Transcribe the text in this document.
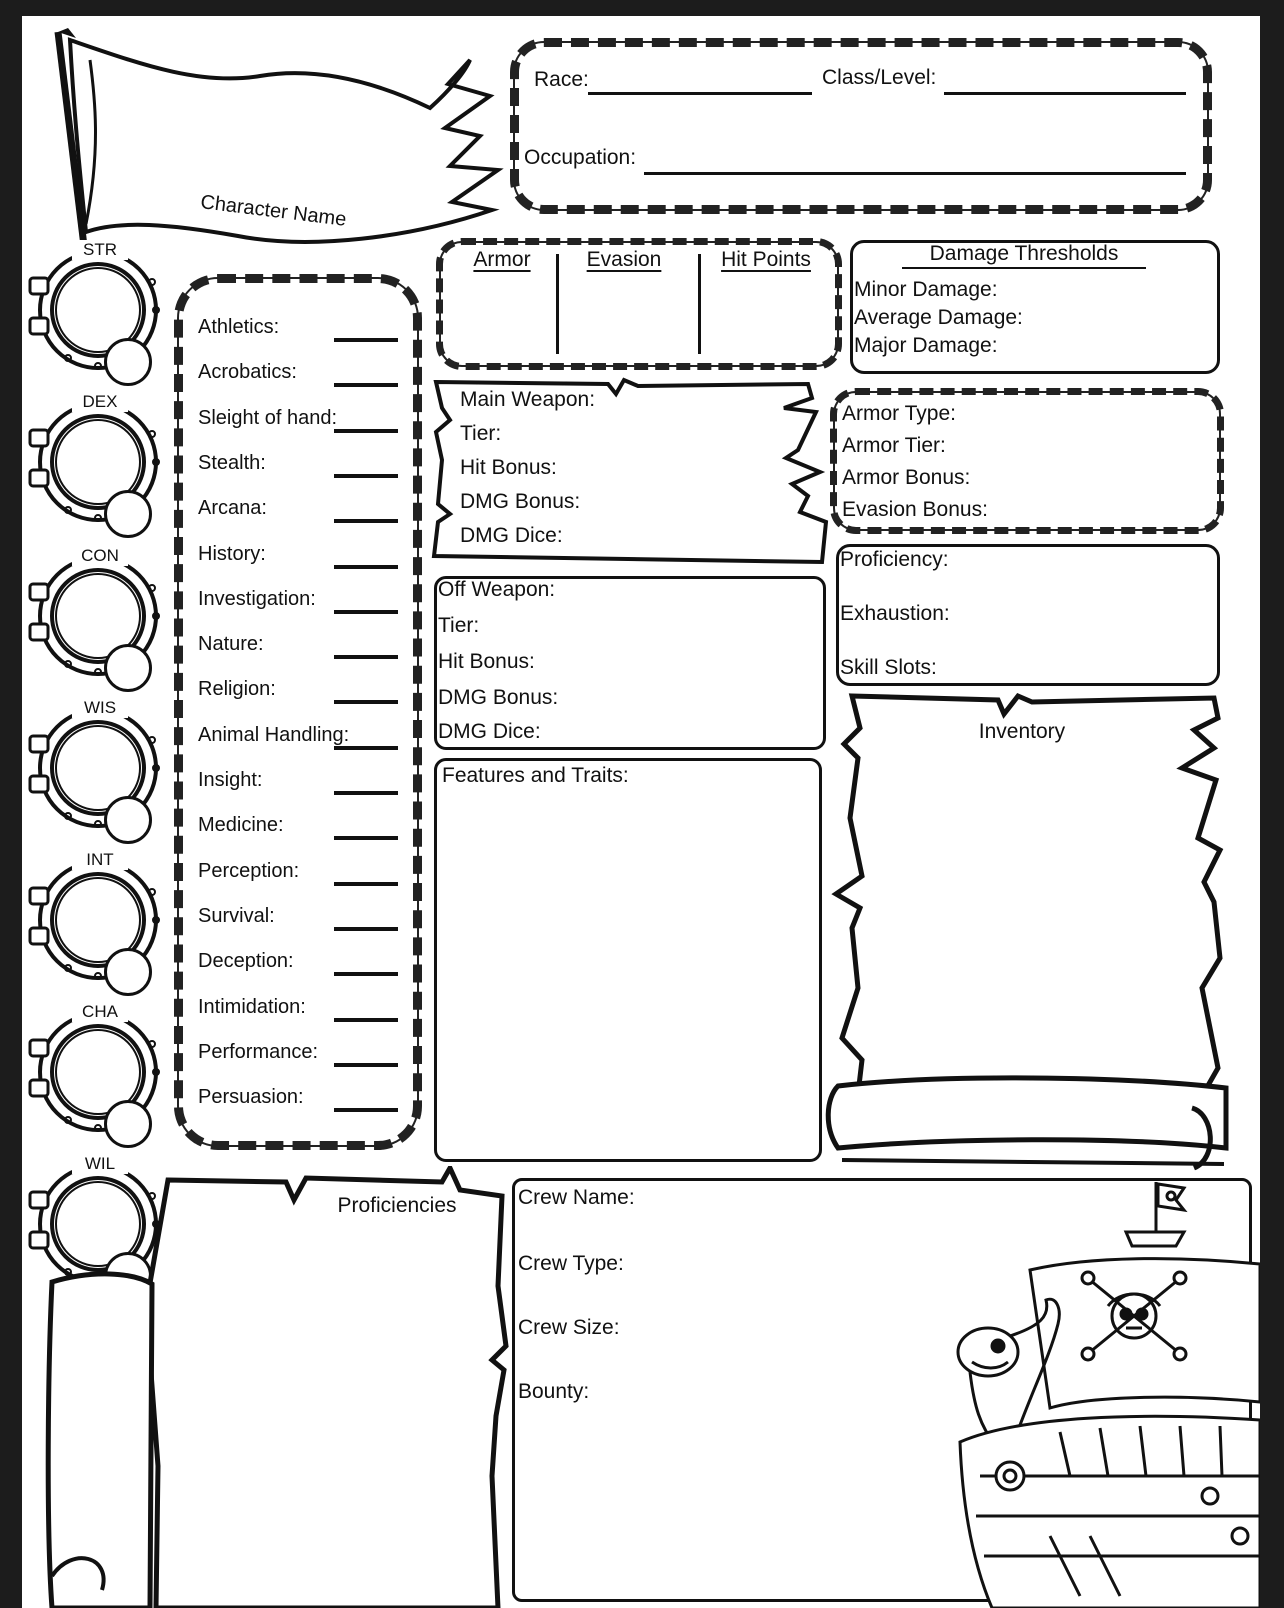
Character Name
Race:	Class/Level:
Occupation:
STR
DEX
CON
WIS
INT
CHA
WIL
Athletics:
Acrobatics:
Sleight of hand:
Stealth:
Arcana:
History:
Investigation:
Nature:
Religion:
Animal Handling:
Insight:
Medicine:
Perception:
Survival:
Deception:
Intimidation:
Performance:
Persuasion:
Armor	Evasion	Hit Points	Damage Thresholds
Minor Damage:
Average Damage:
Major Damage:
Main Weapon:
Tier:
Hit Bonus:
DMG Bonus:
DMG Dice:
Armor Type:
Armor Tier:
Armor Bonus:
Evasion Bonus:
Proficiency:
Exhaustion:
Skill Slots:
Off Weapon:
Tier:
Hit Bonus:
DMG Bonus:
DMG Dice:
Features and Traits:
Inventory
Proficiencies	Crew Name:
Crew Type:
Crew Size:
Bounty:
